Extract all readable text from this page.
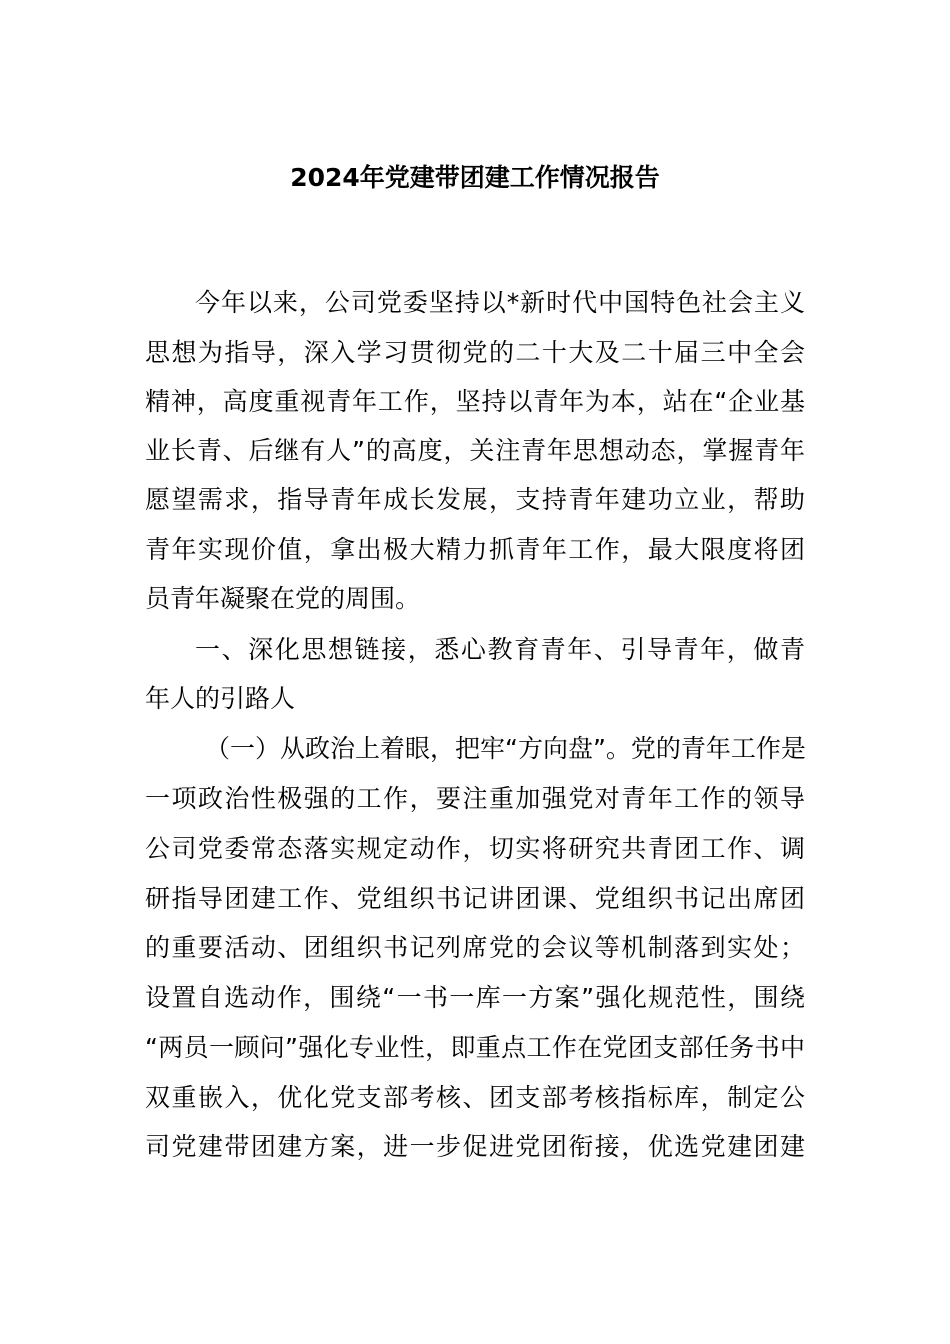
2024年党建带团建工作情况报告
今年以来，公司党委坚持以*新时代中国特色社会主义
思想为指导，深入学习贯彻党的二十大及二十届三中全会
精神，高度重视青年工作，坚持以青年为本，站在“企业基
业长青、后继有人”的高度，关注青年思想动态，掌握青年
愿望需求，指导青年成长发展，支持青年建功立业，帮助
青年实现价值，拿出极大精力抓青年工作，最大限度将团
员青年凝聚在党的周围。
一、深化思想链接，悉心教育青年、引导青年，做青
年人的引路人
（一）从政治上着眼，把牢“方向盘”。党的青年工作是
一项政治性极强的工作，要注重加强党对青年工作的领导
公司党委常态落实规定动作，切实将研究共青团工作、调
研指导团建工作、党组织书记讲团课、党组织书记出席团
的重要活动、团组织书记列席党的会议等机制落到实处；
设置自选动作，围绕“一书一库一方案”强化规范性，围绕
“两员一顾问”强化专业性，即重点工作在党团支部任务书中
双重嵌入，优化党支部考核、团支部考核指标库，制定公
司党建带团建方案，进一步促进党团衔接，优选党建团建
